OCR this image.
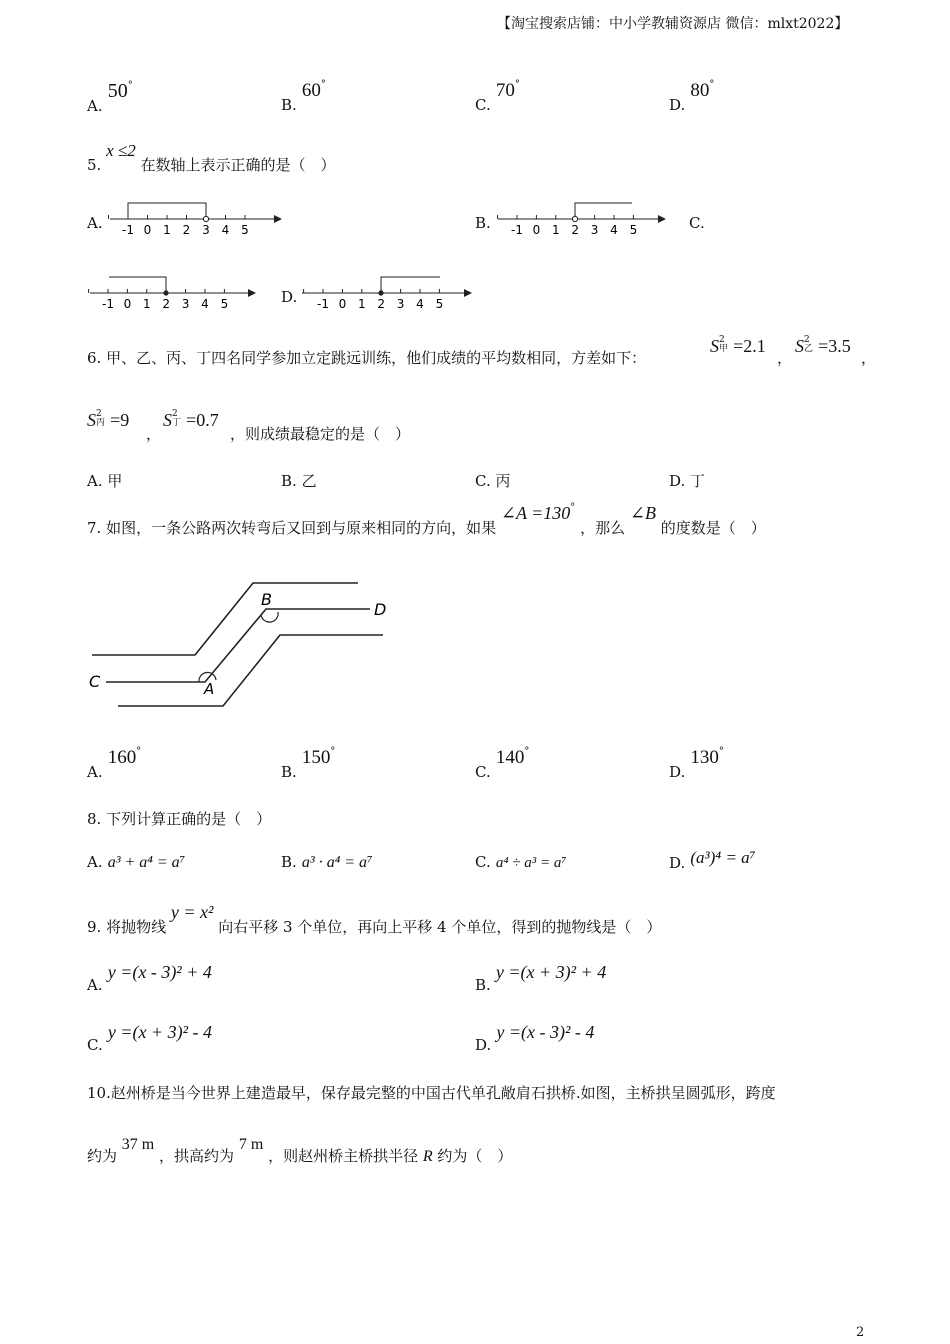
【淘宝搜索店铺：中小学教辅资源店 微信：mlxt2022】
A. 50°
B. 60°
C. 70°
D. 80°
5. x ≤2 在数轴上表示正确的是（　）
A. -1 0 1 2 3 4 5	B. -1 0 1 2 3 4 5	C.
-1 0 1 2 3 4 5	D. -1 0 1 2 3 4 5
6. 甲、乙、丙、丁四名同学参加立定跳远训练，他们成绩的平均数相同，方差如下：
S 2
甲 =2.1
，
S 2
乙 =3.5
，
S 2
丙 =9
，
S 2
丁 =0.7
，则成绩最稳定的是（　）
A. 甲	B. 乙	C. 丙	D. 丁
7. 如图，一条公路两次转弯后又回到与原来相同的方向，如果 ∠A =130° ，那么 ∠B 的度数是（　）
B
D
C	A
A. 160°
B. 150°
C. 140°
D. 130°
8. 下列计算正确的是（　）
A. a³ + a⁴ = a⁷	B. a³ · a⁴ = a⁷	C. a⁴ ÷ a³ = a⁷	D. (a³)⁴ = a⁷
9. 将抛物线 y = x² 向右平移 3 个单位，再向上平移 4 个单位，得到的抛物线是（　）
A. y =(x - 3)² + 4
B. y =(x + 3)² + 4
C. y =(x + 3)² - 4
D. y =(x - 3)² - 4
10.赵州桥是当今世界上建造最早，保存最完整的中国古代单孔敞肩石拱桥.如图，主桥拱呈圆弧形，跨度
约为 37 m ，拱高约为 7 m ，则赵州桥主桥拱半径 R 约为（　）
2
